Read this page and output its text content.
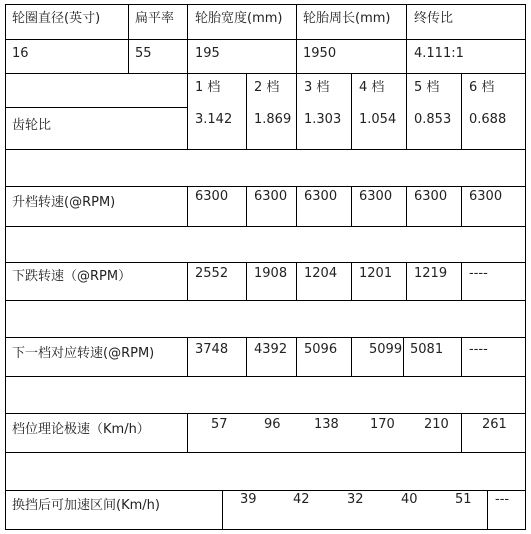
轮圈直径(英寸)	扁平率 轮胎宽度(mm) 轮胎周长(mm) 终传比
16	55	195	1950	4.111:1
1 档	2 档 3 档 4 档 5 档 6 档
齿轮比	3.142 1.869 1.303 1.054 0.853 0.688
升档转速(@RPM)	6300 6300 6300 6300 6300 6300
下跌转速（@RPM）	2552 1908 1204 1201 1219 ----
下一档对应转速(@RPM)	3748 4392 5096 5099 5081 ----
档位理论极速（Km/h）	57	96	138 170 210	261
换挡后可加速区间(Km/h)	39	42	32	40	51 ---
